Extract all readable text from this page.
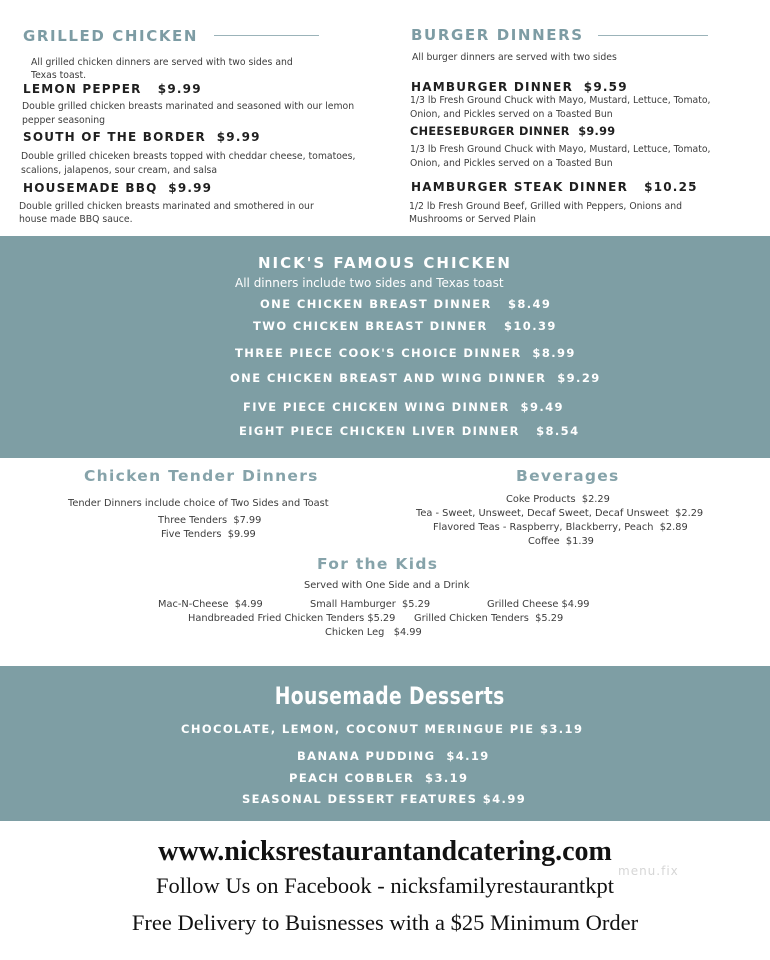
GRILLED CHICKEN
All grilled chicken dinners are served with two sides and
Texas toast.
LEMON PEPPER $9.99
Double grilled chicken breasts marinated and seasoned with our lemon
pepper seasoning
SOUTH OF THE BORDER $9.99
Double grilled chiceken breasts topped with cheddar cheese, tomatoes,
scalions, jalapenos, sour cream, and salsa
HOUSEMADE BBQ $9.99
Double grilled chicken breasts marinated and smothered in our
house made BBQ sauce.
BURGER DINNERS
All burger dinners are served with two sides
HAMBURGER DINNER $9.59
1/3 lb Fresh Ground Chuck with Mayo, Mustard, Lettuce, Tomato,
Onion, and Pickles served on a Toasted Bun
CHEESEBURGER DINNER $9.99
1/3 lb Fresh Ground Chuck with Mayo, Mustard, Lettuce, Tomato,
Onion, and Pickles served on a Toasted Bun
HAMBURGER STEAK DINNER $10.25
1/2 lb Fresh Ground Beef, Grilled with Peppers, Onions and
Mushrooms or Served Plain
NICK'S FAMOUS CHICKEN
All dinners include two sides and Texas toast
ONE CHICKEN BREAST DINNER   $8.49
TWO CHICKEN BREAST DINNER   $10.39
THREE PIECE COOK'S CHOICE DINNER  $8.99
ONE CHICKEN BREAST AND WING DINNER  $9.29
FIVE PIECE CHICKEN WING DINNER  $9.49
EIGHT PIECE CHICKEN LIVER DINNER   $8.54
Chicken Tender Dinners
Tender Dinners include choice of Two Sides and Toast
Three Tenders  $7.99
Five Tenders  $9.99
Beverages
Coke Products  $2.29
Tea - Sweet, Unsweet, Decaf Sweet, Decaf Unsweet  $2.29
Flavored Teas - Raspberry, Blackberry, Peach  $2.89
Coffee  $1.39
For the Kids
Served with One Side and a Drink
Mac-N-Cheese  $4.99	Small Hamburger  $5.29	Grilled Cheese $4.99
Handbreaded Fried Chicken Tenders $5.29 Grilled Chicken Tenders  $5.29
Chicken Leg   $4.99
Housemade Desserts
CHOCOLATE, LEMON, COCONUT MERINGUE PIE $3.19
BANANA PUDDING  $4.19
PEACH COBBLER  $3.19
SEASONAL DESSERT FEATURES $4.99
www.nicksrestaurantandcatering.com
Follow Us on Facebook - nicksfamilyrestaurantkpt
Free Delivery to Buisnesses with a $25 Minimum Order
menu.fix
